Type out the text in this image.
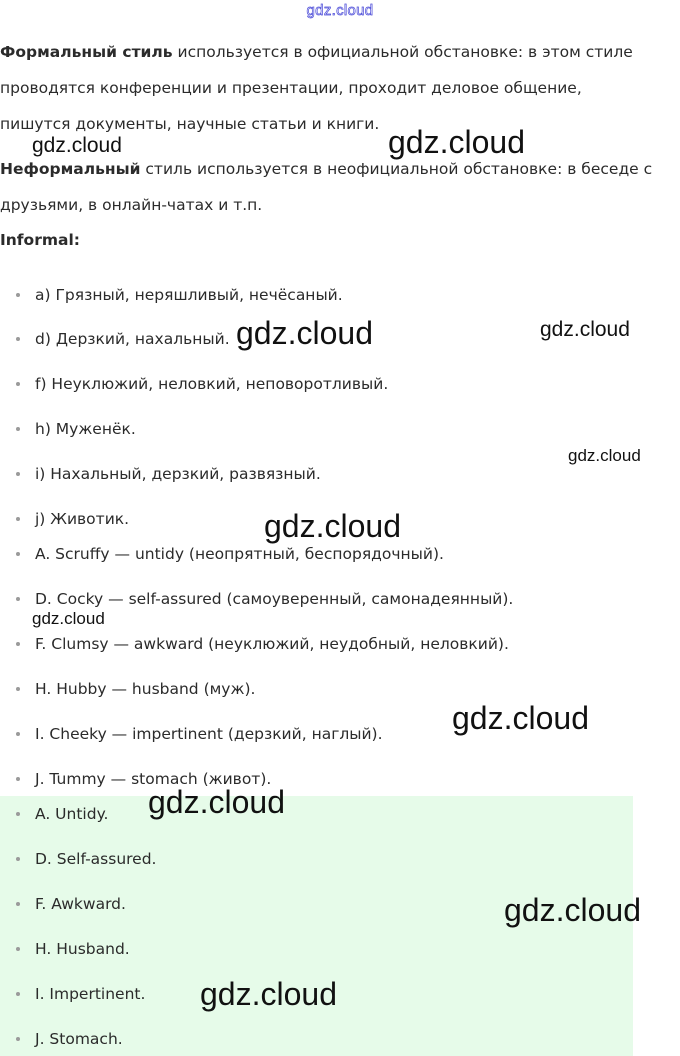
gdz.cloud
Формальный стиль используется в официальной обстановке: в этом стиле
проводятся конференции и презентации, проходит деловое общение,
пишутся документы, научные статьи и книги.
Неформальный стиль используется в неофициальной обстановке: в беседе с
друзьями, в онлайн-чатах и т.п.
Informal:
a) Грязный, неряшливый, нечёсаный.
d) Дерзкий, нахальный.
f) Неуклюжий, неловкий, неповоротливый.
h) Муженёк.
i) Нахальный, дерзкий, развязный.
j) Животик.
A. Scruffy — untidy (неопрятный, беспорядочный).
D. Cocky — self-assured (самоуверенный, самонадеянный).
F. Clumsy — awkward (неуклюжий, неудобный, неловкий).
H. Hubby — husband (муж).
I. Cheeky — impertinent (дерзкий, наглый).
J. Tummy — stomach (живот).
A. Untidy.
D. Self-assured.
F. Awkward.
H. Husband.
I. Impertinent.
J. Stomach.
gdz.cloud	gdz.cloud
gdz.cloud	gdz.cloud
gdz.cloud
gdz.cloud
gdz.cloud
gdz.cloud
gdz.cloud
gdz.cloud
gdz.cloud
